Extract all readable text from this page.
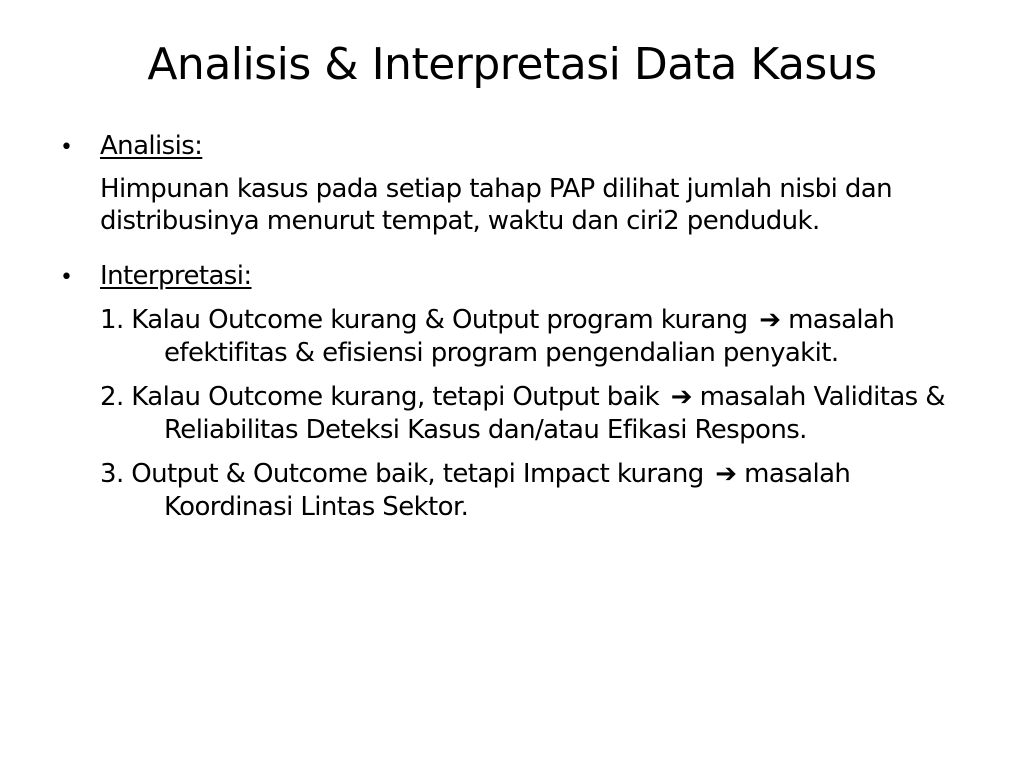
Analisis & Interpretasi Data Kasus
•	Analisis:
Himpunan kasus pada setiap tahap PAP dilihat jumlah nisbi dan distribusinya menurut tempat, waktu dan ciri2 penduduk.
•	Interpretasi:
1. Kalau Outcome kurang & Output program kurang ➔ masalah efektifitas & efisiensi program pengendalian penyakit.
2. Kalau Outcome kurang, tetapi Output baik ➔ masalah Validitas & Reliabilitas Deteksi Kasus dan/atau Efikasi Respons.
3. Output & Outcome baik, tetapi Impact kurang ➔ masalah Koordinasi Lintas Sektor.
